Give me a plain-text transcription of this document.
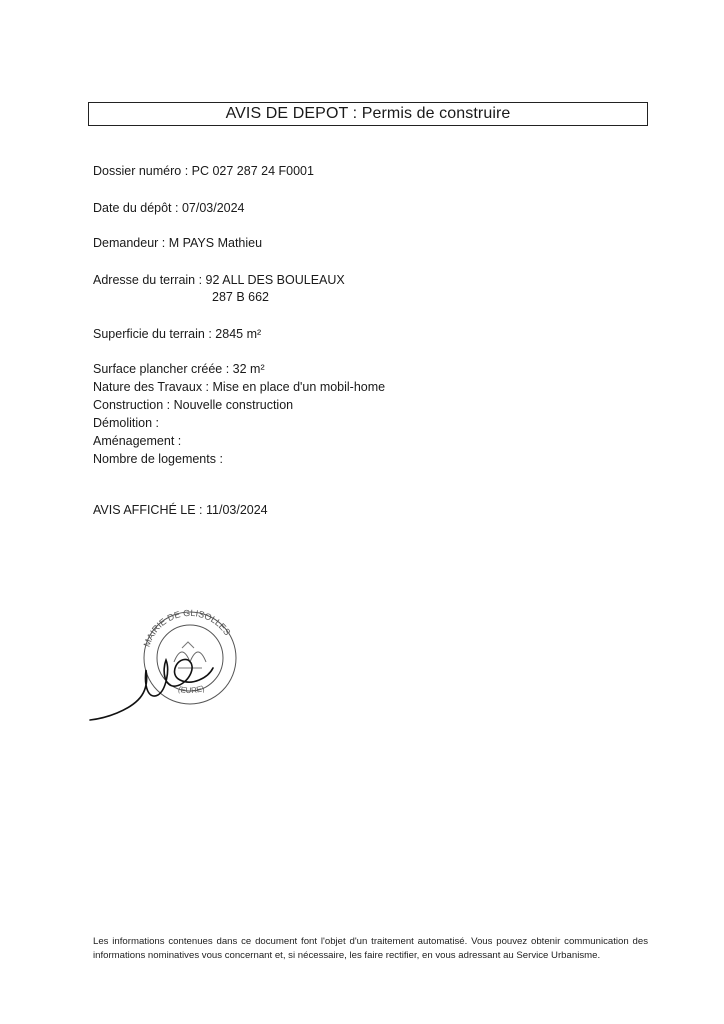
AVIS DE DEPOT : Permis de construire
Dossier numéro : PC 027 287 24 F0001
Date du dépôt : 07/03/2024
Demandeur : M PAYS Mathieu
Adresse du terrain : 92 ALL DES BOULEAUX
287 B 662
Superficie du terrain : 2845 m²
Surface plancher créée : 32 m²
Nature des Travaux : Mise en place d'un mobil-home
Construction : Nouvelle construction
Démolition :
Aménagement :
Nombre de logements :
AVIS AFFICHÉ LE : 11/03/2024
MAIRIE DE GLISOLLES
(EURE)
Les informations contenues dans ce document font l'objet d'un traitement automatisé. Vous pouvez obtenir communication des informations nominatives vous concernant et, si nécessaire, les faire rectifier, en vous adressant au Service Urbanisme.
